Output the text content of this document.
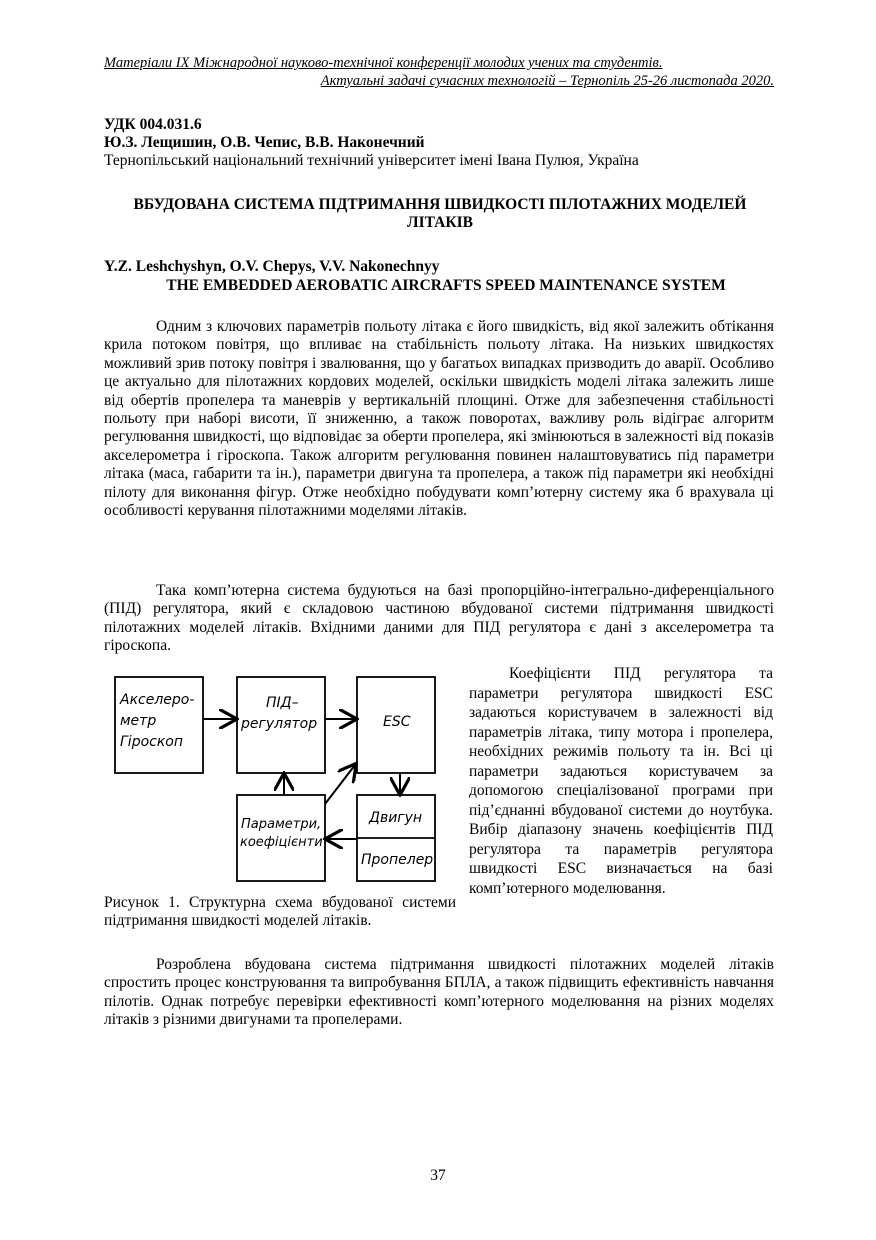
Матеріали IX Міжнародної науково-технічної конференції молодих учених та студентів.
Актуальні задачі сучасних технологій – Тернопіль 25-26 листопада 2020.
УДК 004.031.6
Ю.З. Лещишин, О.В. Чепис, В.В. Наконечний
Тернопільський національний технічний університет імені Івана Пулюя, Україна
ВБУДОВАНА СИСТЕМА ПІДТРИМАННЯ ШВИДКОСТІ ПІЛОТАЖНИХ МОДЕЛЕЙ ЛІТАКІВ
Y.Z. Leshchyshyn, O.V. Chepys, V.V. Nakonechnyy
THE EMBEDDED AEROBATIC AIRCRAFTS SPEED MAINTENANCE SYSTEM

Одним з ключових параметрів польоту літака є його швидкість, від якої залежить обтікання крила потоком повітря, що впливає на стабільність польоту літака. На низьких швидкостях можливий зрив потоку повітря і звалювання, що у багатьох випадках призводить до аварії. Особливо це актуально для пілотажних кордових моделей, оскільки швидкість моделі літака залежить лише від обертів пропелера та маневрів у вертикальній площині. Отже для забезпечення стабільності польоту при наборі висоти, її зниженню, а також поворотах, важливу роль відіграє алгоритм регулювання швидкості, що відповідає за оберти пропелера, які змінюються в залежності від показів акселерометра і гіроскопа. Також алгоритм регулювання повинен налаштовуватись під параметри літака (маса, габарити та ін.), параметри двигуна та пропелера, а також під параметри які необхідні пілоту для виконання фігур. Отже необхідно побудувати комп’ютерну систему яка б врахувала ці особливості керування пілотажними моделями літаків.

Така комп’ютерна система будуються на базі пропорційно-інтегрально-диференціального (ПІД) регулятора, який є складовою частиною вбудованої системи підтримання швидкості пілотажних моделей літаків. Вхідними даними для ПІД регулятора є дані з акселерометра та гіроскопа.

Акселеро-
метр
Гіроскоп
ПІД–
регулятор	ESC
Параметри,
коефіцієнти
Двигун
Пропелер

Коефіцієнти ПІД регулятора та параметри регулятора швидкості ESC задаються користувачем в залежності від параметрів літака, типу мотора і пропелера, необхідних режимів польоту та ін. Всі ці параметри задаються користувачем за допомогою спеціалізованої програми при під’єднанні вбудованої системи до ноутбука. Вибір діапазону значень коефіцієнтів ПІД регулятора та параметрів регулятора швидкості ESC визначається на базі комп’ютерного моделювання.

Рисунок 1. Структурна схема вбудованої системи підтримання швидкості моделей літаків.

Розроблена вбудована система підтримання швидкості пілотажних моделей літаків спростить процес конструювання та випробування БПЛА, а також підвищить ефективність навчання пілотів. Однак потребує перевірки ефективності комп’ютерного моделювання на різних моделях літаків з різними двигунами та пропелерами.

37
